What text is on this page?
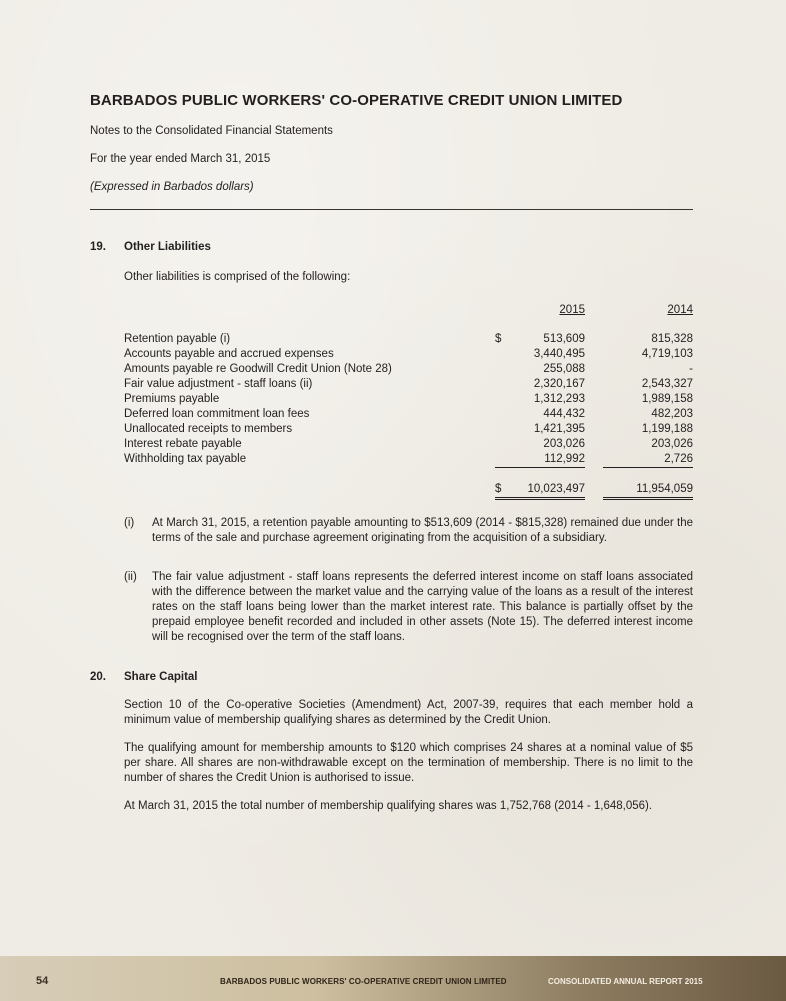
BARBADOS PUBLIC WORKERS' CO-OPERATIVE CREDIT UNION LIMITED
Notes to the Consolidated Financial Statements
For the year ended March 31, 2015
(Expressed in Barbados dollars)
19. Other Liabilities
Other liabilities is comprised of the following:
2015	2014
Retention payable (i)	$	513,609	815,328
Accounts payable and accrued expenses	3,440,495	4,719,103
Amounts payable re Goodwill Credit Union (Note 28)	255,088	-
Fair value adjustment - staff loans (ii)	2,320,167	2,543,327
Premiums payable	1,312,293	1,989,158
Deferred loan commitment loan fees	444,432	482,203
Unallocated receipts to members	1,421,395	1,199,188
Interest rebate payable	203,026	203,026
Withholding tax payable	112,992	2,726
$	10,023,497	11,954,059
(i) At March 31, 2015, a retention payable amounting to $513,609 (2014 - $815,328) remained due under the terms of the sale and purchase agreement originating from the acquisition of a subsidiary.
(ii) The fair value adjustment - staff loans represents the deferred interest income on staff loans associated with the difference between the market value and the carrying value of the loans as a result of the interest rates on the staff loans being lower than the market interest rate. This balance is partially offset by the prepaid employee benefit recorded and included in other assets (Note 15). The deferred interest income will be recognised over the term of the staff loans.
20. Share Capital
Section 10 of the Co-operative Societies (Amendment) Act, 2007-39, requires that each member hold a minimum value of membership qualifying shares as determined by the Credit Union.
The qualifying amount for membership amounts to $120 which comprises 24 shares at a nominal value of $5 per share. All shares are non-withdrawable except on the termination of membership. There is no limit to the number of shares the Credit Union is authorised to issue.
At March 31, 2015 the total number of membership qualifying shares was 1,752,768 (2014 - 1,648,056).
54	BARBADOS PUBLIC WORKERS' CO-OPERATIVE CREDIT UNION LIMITED	CONSOLIDATED ANNUAL REPORT 2015
